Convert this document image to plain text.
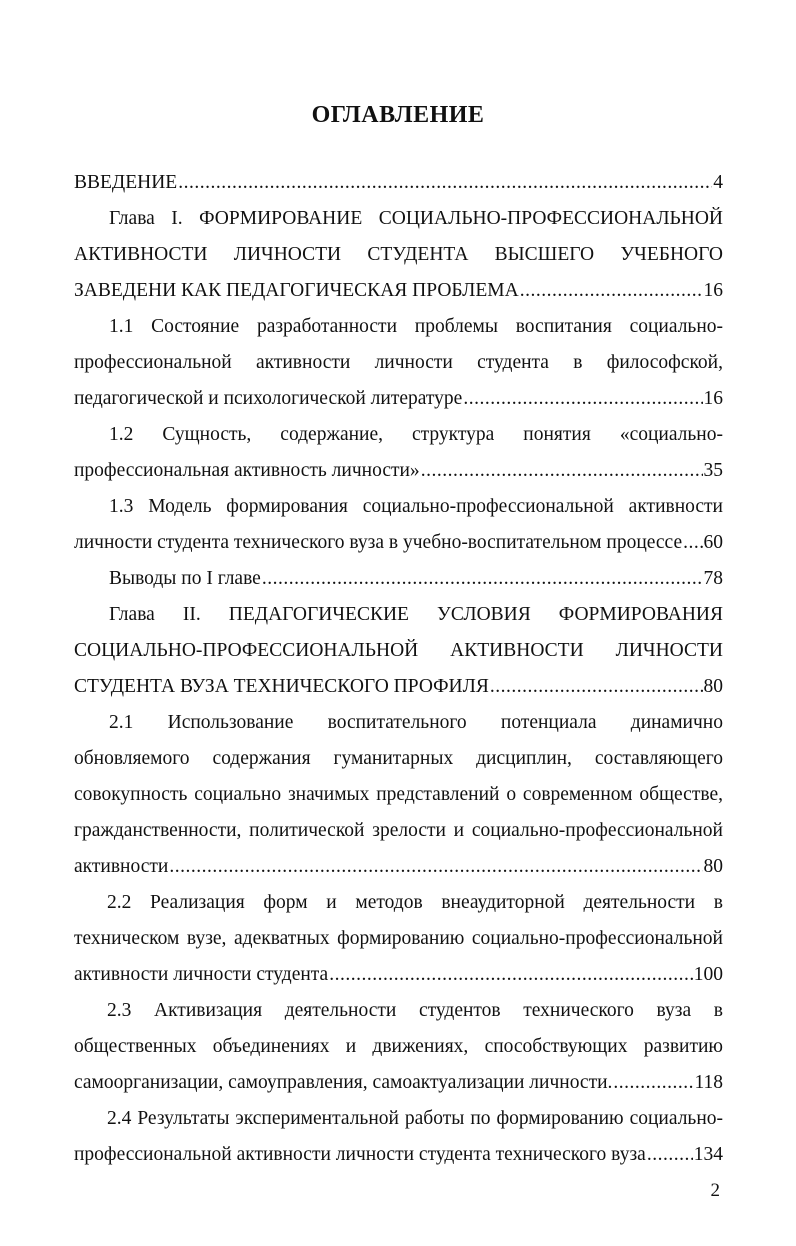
ОГЛАВЛЕНИЕ
ВВЕДЕНИЕ .....	4
Глава I. ФОРМИРОВАНИЕ СОЦИАЛЬНО-ПРОФЕССИОНАЛЬНОЙ
АКТИВНОСТИ ЛИЧНОСТИ СТУДЕНТА ВЫСШЕГО УЧЕБНОГО
ЗАВЕДЕНИ КАК ПЕДАГОГИЧЕСКАЯ ПРОБЛЕМА .....	16
1.1 Состояние разработанности проблемы воспитания социально-
профессиональной активности личности студента в философской,
педагогической и психологической литературе .....	16
1.2 Сущность, содержание, структура понятия «социально-
профессиональная активность личности» .....	35
1.3 Модель формирования социально-профессиональной активности
личности студента технического вуза в учебно-воспитательном процессе ..... 60
Выводы по I главе .....	78
Глава II. ПЕДАГОГИЧЕСКИЕ УСЛОВИЯ ФОРМИРОВАНИЯ
СОЦИАЛЬНО-ПРОФЕССИОНАЛЬНОЙ АКТИВНОСТИ ЛИЧНОСТИ
СТУДЕНТА ВУЗА ТЕХНИЧЕСКОГО ПРОФИЛЯ .....	80
2.1 Использование воспитательного потенциала динамично
обновляемого содержания гуманитарных дисциплин, составляющего
совокупность социально значимых представлений о современном обществе,
гражданственности, политической зрелости и социально-профессиональной
активности .....	80
2.2 Реализация форм и методов внеаудиторной деятельности в
техническом вузе, адекватных формированию социально-профессиональной
активности личности студента .....	100
2.3 Активизация деятельности студентов технического вуза в
общественных объединениях и движениях, способствующих развитию
самоорганизации, самоуправления, самоактуализации личности. .....	118
2.4 Результаты экспериментальной работы по формированию социально-
профессиональной активности личности студента технического вуза ..... 134
2
